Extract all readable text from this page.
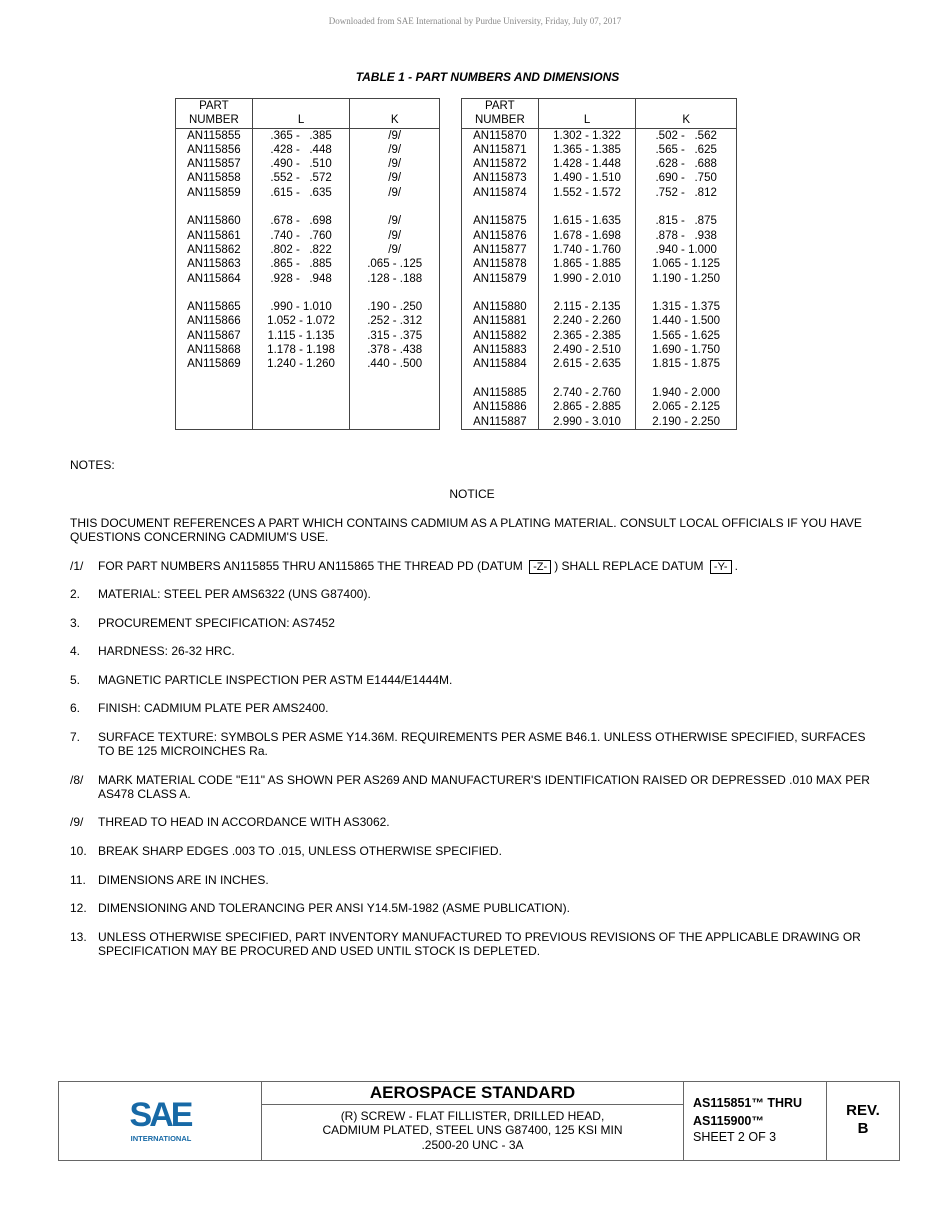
Downloaded from SAE International by Purdue University, Friday, July 07, 2017
TABLE 1 - PART NUMBERS AND DIMENSIONS
PART
NUMBER	L	K
AN115855	.365 -   .385	/9/
AN115856	.428 -   .448	/9/
AN115857	.490 -   .510	/9/
AN115858	.552 -   .572	/9/
AN115859	.615 -   .635	/9/

AN115860	.678 -   .698	/9/
AN115861	.740 -   .760	/9/
AN115862	.802 -   .822	/9/
AN115863	.865 -   .885	.065 - .125
AN115864	.928 -   .948	.128 - .188

AN115865	.990 - 1.010	.190 - .250
AN115866	1.052 - 1.072	.252 - .312
AN115867	1.115 - 1.135	.315 - .375
AN115868	1.178 - 1.198	.378 - .438
AN115869	1.240 - 1.260	.440 - .500

PART
NUMBER	L	K
AN115870	1.302 - 1.322	.502 -   .562
AN115871	1.365 - 1.385	.565 -   .625
AN115872	1.428 - 1.448	.628 -   .688
AN115873	1.490 - 1.510	.690 -   .750
AN115874	1.552 - 1.572	.752 -   .812

AN115875	1.615 - 1.635	.815 -   .875
AN115876	1.678 - 1.698	.878 -   .938
AN115877	1.740 - 1.760	.940 - 1.000
AN115878	1.865 - 1.885	1.065 - 1.125
AN115879	1.990 - 2.010	1.190 - 1.250

AN115880	2.115 - 2.135	1.315 - 1.375
AN115881	2.240 - 2.260	1.440 - 1.500
AN115882	2.365 - 2.385	1.565 - 1.625
AN115883	2.490 - 2.510	1.690 - 1.750
AN115884	2.615 - 2.635	1.815 - 1.875

AN115885	2.740 - 2.760	1.940 - 2.000
AN115886	2.865 - 2.885	2.065 - 2.125
AN115887	2.990 - 3.010	2.190 - 2.250
NOTES:
NOTICE
THIS DOCUMENT REFERENCES A PART WHICH CONTAINS CADMIUM AS A PLATING MATERIAL. CONSULT LOCAL OFFICIALS IF YOU HAVE QUESTIONS CONCERNING CADMIUM'S USE.
/1/ FOR PART NUMBERS AN115855 THRU AN115865 THE THREAD PD (DATUM -Z- ) SHALL REPLACE DATUM -Y- .
2. MATERIAL: STEEL PER AMS6322 (UNS G87400).
3. PROCUREMENT SPECIFICATION: AS7452
4. HARDNESS: 26-32 HRC.
5. MAGNETIC PARTICLE INSPECTION PER ASTM E1444/E1444M.
6. FINISH: CADMIUM PLATE PER AMS2400.
7. SURFACE TEXTURE: SYMBOLS PER ASME Y14.36M. REQUIREMENTS PER ASME B46.1. UNLESS OTHERWISE SPECIFIED, SURFACES TO BE 125 MICROINCHES Ra.
/8/ MARK MATERIAL CODE "E11" AS SHOWN PER AS269 AND MANUFACTURER'S IDENTIFICATION RAISED OR DEPRESSED .010 MAX PER AS478 CLASS A.
/9/ THREAD TO HEAD IN ACCORDANCE WITH AS3062.
10. BREAK SHARP EDGES .003 TO .015, UNLESS OTHERWISE SPECIFIED.
11. DIMENSIONS ARE IN INCHES.
12. DIMENSIONING AND TOLERANCING PER ANSI Y14.5M-1982 (ASME PUBLICATION).
13. UNLESS OTHERWISE SPECIFIED, PART INVENTORY MANUFACTURED TO PREVIOUS REVISIONS OF THE APPLICABLE DRAWING OR SPECIFICATION MAY BE PROCURED AND USED UNTIL STOCK IS DEPLETED.
SAE
INTERNATIONAL
AEROSPACE STANDARD
(R) SCREW - FLAT FILLISTER, DRILLED HEAD,
CADMIUM PLATED, STEEL UNS G87400, 125 KSI MIN
.2500-20 UNC - 3A
AS115851™ THRU
AS115900™
SHEET 2 OF 3
REV.
B
